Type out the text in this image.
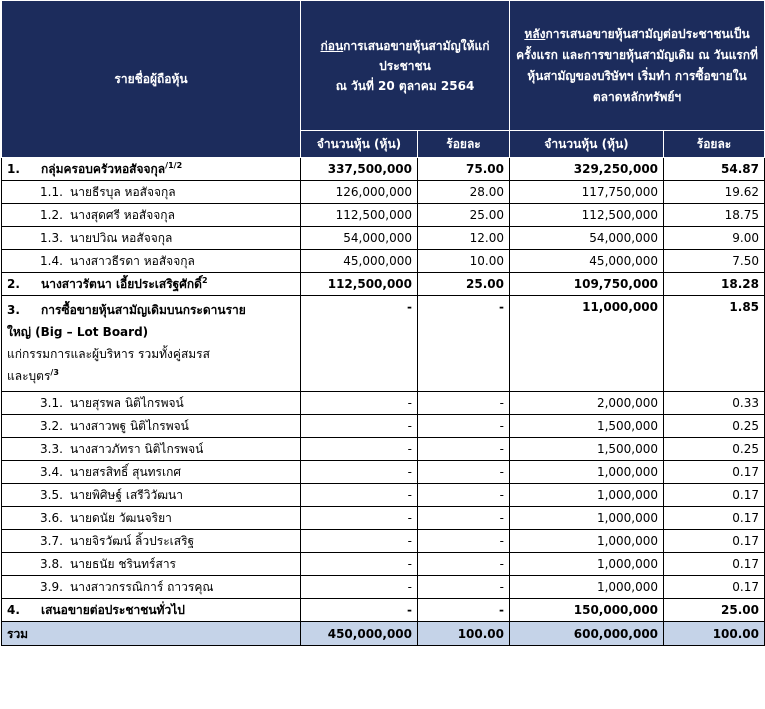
รายชื่อผู้ถือหุ้น	ก่อนการเสนอขายหุ้นสามัญให้แก่ประชาชน
ณ วันที่ 20 ตุลาคม 2564		หลังการเสนอขายหุ้นสามัญต่อประชาชนเป็นครั้งแรก และการขายหุ้นสามัญเดิม ณ วันแรกที่หุ้นสามัญของบริษัทฯ เริ่มทำ การซื้อขายในตลาดหลักทรัพย์ฯ	
	จำนวนหุ้น (หุ้น)	ร้อยละ	จำนวนหุ้น (หุ้น)	ร้อยละ
1. กลุ่มครอบครัวหอสัจจกุล$^{/1/2}$	337,500,000	75.00	329,250,000	54.87
1.1. นายธีรบุล หอสัจจกุล	126,000,000	28.00	117,750,000	19.62
1.2. นางสุดศรี หอสัจจกุล	112,500,000	25.00	112,500,000	18.75
1.3. นายปวิณ หอสัจจกุล	54,000,000	12.00	54,000,000	9.00
1.4. นางสาวธีรดา หอสัจจกุล	45,000,000	10.00	45,000,000	7.50
2. นางสาวรัตนา เอี้ยประเสริฐศักดิ์$^2$	112,500,000	25.00	109,750,000	18.28
3. การซื้อขายหุ้นสามัญเดิมบนกระดานราย
ใหญ่ (Big – Lot Board)
แก่กรรมการและผู้บริหาร รวมทั้งคู่สมรส
และบุตร$^{/3}$	-	-	11,000,000	1.85
3.1. นายสุรพล นิติไกรพจน์	-	-	2,000,000	0.33
3.2. นางสาวพฐู นิติไกรพจน์	-	-	1,500,000	0.25
3.3. นางสาวภัทรา นิติไกรพจน์	-	-	1,500,000	0.25
3.4. นายสรสิทธิ์ สุนทรเกศ	-	-	1,000,000	0.17
3.5. นายพิศิษฐ์ เสรีวิวัฒนา	-	-	1,000,000	0.17
3.6. นายดนัย วัฒนจริยา	-	-	1,000,000	0.17
3.7. นายจิรวัฒน์ ลิ้วประเสริฐ	-	-	1,000,000	0.17
3.8. นายธนัย ชรินทร์สาร	-	-	1,000,000	0.17
3.9. นางสาวกรรณิการ์ ถาวรคุณ	-	-	1,000,000	0.17
4. เสนอขายต่อประชาชนทั่วไป	-	-	150,000,000	25.00
รวม	450,000,000	100.00	600,000,000	100.00
